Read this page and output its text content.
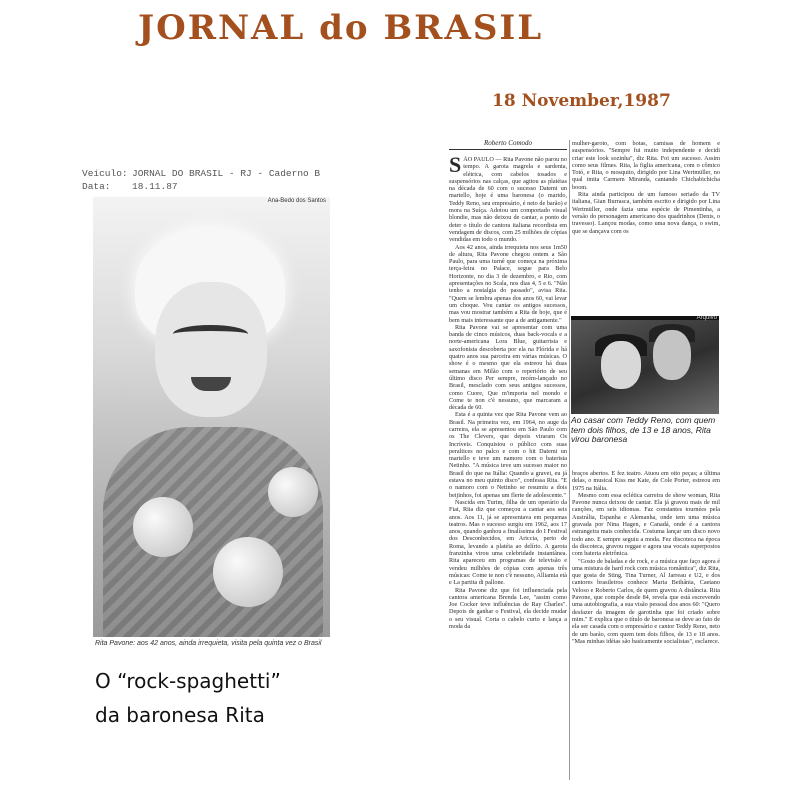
JORNAL do BRASIL
18 November,1987
Veículo: JORNAL DO BRASIL - RJ - Caderno B
Data: 18.11.87
Ana-Bedo dos Santos
Rita Pavone: aos 42 anos, ainda irrequieta, visita pela quinta vez o Brasil
O “rock-spaghetti”
da baronesa Rita
Roberto Comodo
S ÃO PAULO — Rita Pavone não parou no tempo. A garota magrela e sardenta, elétrica, com cabelos tosados e suspensórios nas calças, que agitou as platéias na década de 60 com o sucesso Datemi un martello, hoje é uma baronesa (o marido, Teddy Reno, seu empresário, é neto de barão) e mora na Suíça. Adotou um comportado visual blondie, mas não deixou de cantar, a ponto de deter o título de cantora italiana recordista em vendagem de discos, com 25 milhões de cópias vendidas em todo o mundo.

Aos 42 anos, ainda irrequieta nos seus 1m50 de altura, Rita Pavone chegou ontem a São Paulo, para uma turnê que começa na próxima terça-feira no Palace, segue para Belo Horizonte, no dia 3 de dezembro, e Rio, com apresentações no Scala, nos dias 4, 5 e 6. "Não tenho a nostalgia do passado", avisa Rita. "Quem se lembra apenas dos anos 60, vai levar um choque. Vou cantar os antigos sucessos, mas vou mostrar também a Rita de hoje, que é bem mais interessante que a de antigamente."

Rita Pavone vai se apresentar com uma banda de cinco músicos, duas back-vocals e a norte-americana Lora Blue, guitarrista e saxofonista descoberta por ela na Flórida e há quatro anos sua parceira em várias músicas. O show é o mesmo que ela estreou há duas semanas em Milão com o repertório de seu último disco Per sempre, recém-lançado no Brasil, mesclado com seus antigos sucessos, como Cuore, Que m'importa nel mondo e Come te non c'è nessuno, que marcaram a década de 60.

Esta é a quinta vez que Rita Pavone vem ao Brasil. Na primeira vez, em 1964, no auge da carreira, ela se apresentou em São Paulo com os The Clevers, que depois viraram Os Incríveis. Conquistou o público com suas peraltices no palco e com o hit Datemi un martello e teve um namoro com o baterista Netinho. "A música teve um sucesso maior no Brasil do que na Itália: Quando a gravei, eu já estava no meu quinto disco", confessa Rita. "E o namoro com o Netinho se resumiu a dois beijinhos, foi apenas um flerte de adolescente."

Nascida em Turim, filha de um operário da Fiat, Rita diz que começou a cantar aos seis anos. Aos 11, já se apresentava em pequenas teatros. Mas o sucesso surgiu em 1962, aos 17 anos, quando ganhou a finalíssima do I Festival dos Desconhecidos, em Ariccia, perto de Roma, levando a platéia ao delírio. A garota franzinha virou uma celebridade instantânea. Rita apareceu em programas de televisão e vendeu milhões de cópias com apenas três músicas: Come te non c'è nessuno, Alliamia età e La partita di pallone.

Rita Pavone diz que foi influenciada pela cantora americana Brenda Lee, "assim como Joe Cocker teve influências de Ray Charles". Depois de ganhar o Festival, ela decide mudar o seu visual. Corta o cabelo curto e lança a moda da

mulher-garoto, com botas, camisas de homem e suspensórios. "Sempre fui muito independente e decidi criar este look sozinha", diz Rita. Foi um sucesso. Assim como seus filmes. Rita, la figlia americana, com o cômico Totó, e Rita, o mosquito, dirigido por Lina Wertmüller, no qual imita Carmem Miranda, cantando Chichabichicha boom.

Rita ainda participou de um famoso seriado da TV italiana, Gian Burrasca, também escrito e dirigido por Lina Wertmüller, onde fazia uma espécie de Pimentinha, a versão do personagem americano dos quadrinhos (Denis, o travesso). Lançou modas, como uma nova dança, o swim, que se dançava com os

Arquivo
Ao casar com Teddy Reno, com quem tem dois filhos, de 13 e 18 anos, Rita virou baronesa

braços abertos. E fez teatro. Atuou em oito peças; a última delas, o musical Kiss me Kate, de Cole Porter, estreou em 1975 na Itália.

Mesmo com essa eclética carreira de show woman, Rita Pavone nunca deixou de cantar. Ela já gravou mais de mil canções, em seis idiomas. Faz constantes tournées pela Austrália, Espanha e Alemanha, onde tem uma música gravada por Nina Hagen, e Canadá, onde é a cantora estrangeira mais conhecida. Costuma lançar um disco novo todo ano. E sempre seguiu a moda. Fez discoteca na época da discoteca, gravou reggae e agora usa vocais superpostos com bateria eletrônica.

"Gosto de baladas e de rock, e a música que faço agora é uma mistura de hard rock com música romântica", diz Rita, que gosta de Sting, Tina Turner, Al Jarreau e U2, e dos cantores brasileiros conhece Maria Bethânia, Caetano Veloso e Roberto Carlos, de quem gravou A distância. Rita Pavone, que compõe desde 84, revela que está escrevendo uma autobiografia, a sua visão pessoal dos anos 60: "Quero desfazer da imagem de garotinha que foi criado sobre mim." E explica que o título de baronesa se deve ao fato de ela ser casada com o empresário e cantor Teddy Reno, neto de um barão, com quem tem dois filhos, de 13 e 18 anos. "Mas minhas idéias são basicamente socialistas", esclarece.
